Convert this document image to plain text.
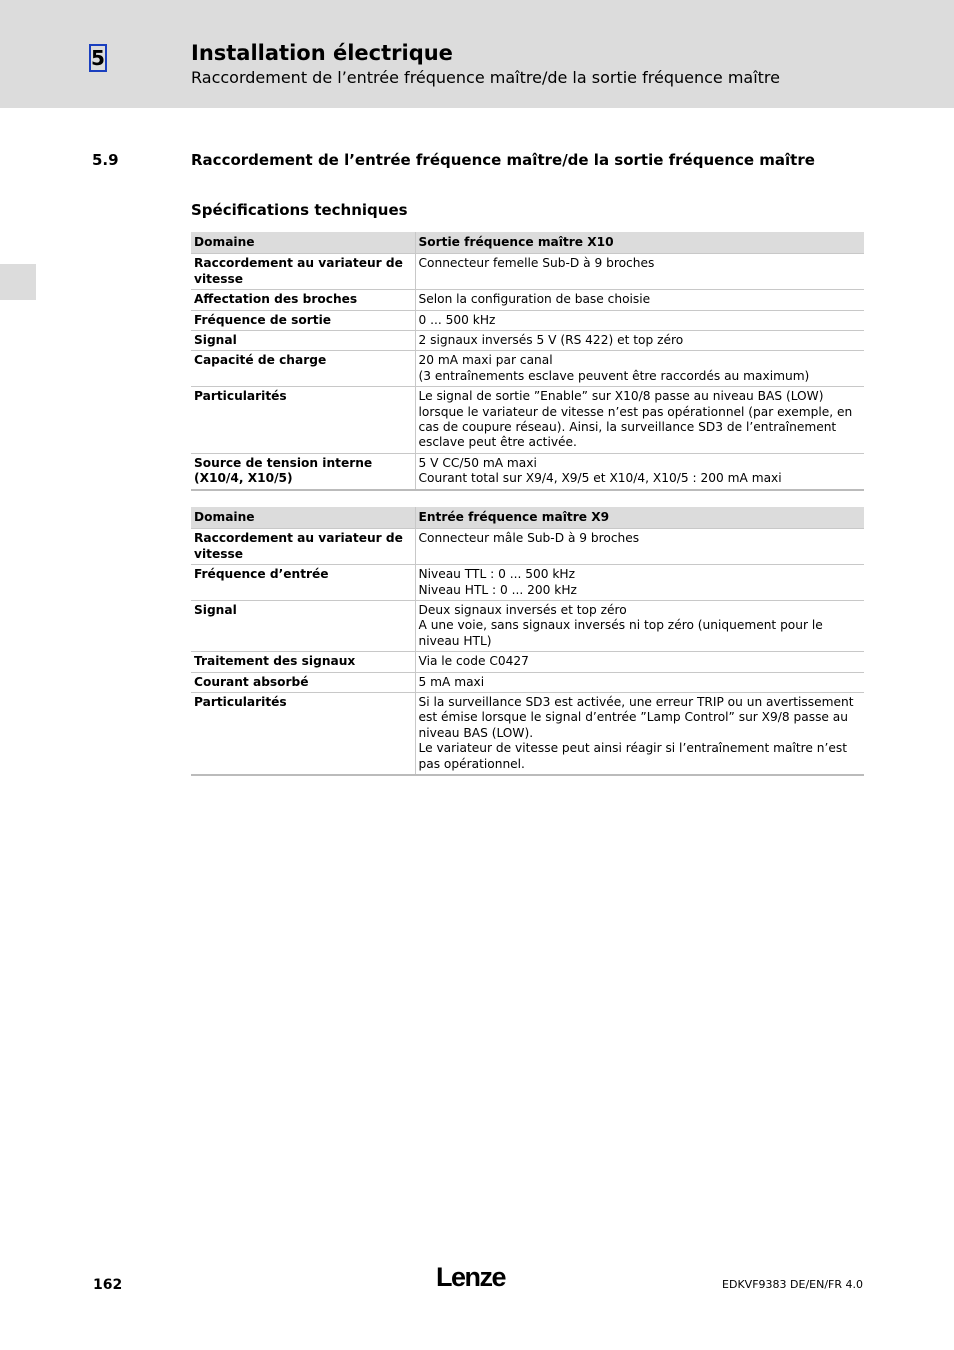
5	Installation électrique
Raccordement de l’entrée fréquence maître/de la sortie fréquence maître
5.9	Raccordement de l’entrée fréquence maître/de la sortie fréquence maître
Spécifications techniques
Domaine	Sortie fréquence maître X10
Raccordement au variateur de vitesse	Connecteur femelle Sub-D à 9 broches
Affectation des broches	Selon la configuration de base choisie
Fréquence de sortie	0 ... 500 kHz
Signal	2 signaux inversés 5 V (RS 422) et top zéro
Capacité de charge	20 mA maxi par canal
(3 entraînements esclave peuvent être raccordés au maximum)
Particularités	Le signal de sortie ”Enable” sur X10/8 passe au niveau BAS (LOW) lorsque le variateur de vitesse n’est pas opérationnel (par exemple, en cas de coupure réseau). Ainsi, la surveillance SD3 de l’entraînement esclave peut être activée.
Source de tension interne (X10/4, X10/5)	5 V CC/50 mA maxi
Courant total sur X9/4, X9/5 et X10/4, X10/5 : 200 mA maxi
Domaine	Entrée fréquence maître X9
Raccordement au variateur de vitesse	Connecteur mâle Sub-D à 9 broches
Fréquence d’entrée	Niveau TTL : 0 ... 500 kHz
Niveau HTL : 0 ... 200 kHz
Signal	Deux signaux inversés et top zéro
A une voie, sans signaux inversés ni top zéro (uniquement pour le niveau HTL)
Traitement des signaux	Via le code C0427
Courant absorbé	5 mA maxi
Particularités	Si la surveillance SD3 est activée, une erreur TRIP ou un avertissement est émise lorsque le signal d’entrée ”Lamp Control” sur X9/8 passe au niveau BAS (LOW).
Le variateur de vitesse peut ainsi réagir si l’entraînement maître n’est pas opérationnel.
162	Lenze	EDKVF9383 DE/EN/FR 4.0
